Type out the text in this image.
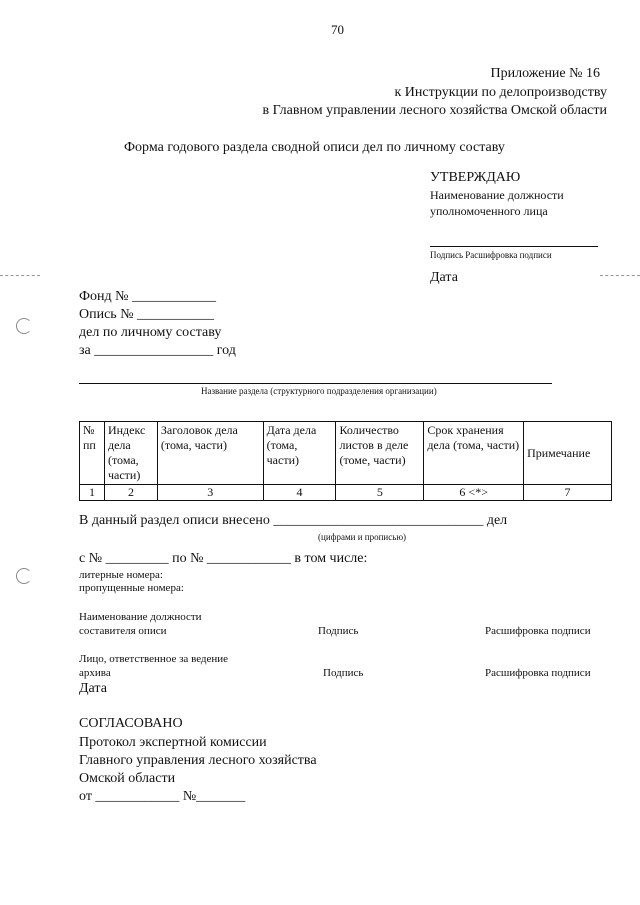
70
Приложение № 16
к Инструкции по делопроизводству
в Главном управлении лесного хозяйства Омской области
Форма годового раздела сводной описи дел по личному составу
УТВЕРЖДАЮ
Наименование должности
уполномоченного лица
Подпись Расшифровка подписи
Дата
Фонд № ____________
Опись № ___________
дел по личному составу
за _________________ год
Название раздела (структурного подразделения организации)
№ пп	Индекс дела (тома, части)	Заголовок дела (тома, части)	Дата дела (тома, части)	Количество листов в деле (томе, части)	Срок хранения дела (тома, части)	Примечание
1	2	3	4	5	6 <*>	7
В данный раздел описи внесено ______________________________ дел
(цифрами и прописью)
с № _________ по № ____________ в том числе:
литерные номера:
пропущенные номера:
Наименование должности
составителя описи	Подпись	Расшифровка подписи
Лицо, ответственное за ведение
архива	Подпись	Расшифровка подписи
Дата
СОГЛАСОВАНО
Протокол экспертной комиссии
Главного управления лесного хозяйства
Омской области
от ____________ №_______
